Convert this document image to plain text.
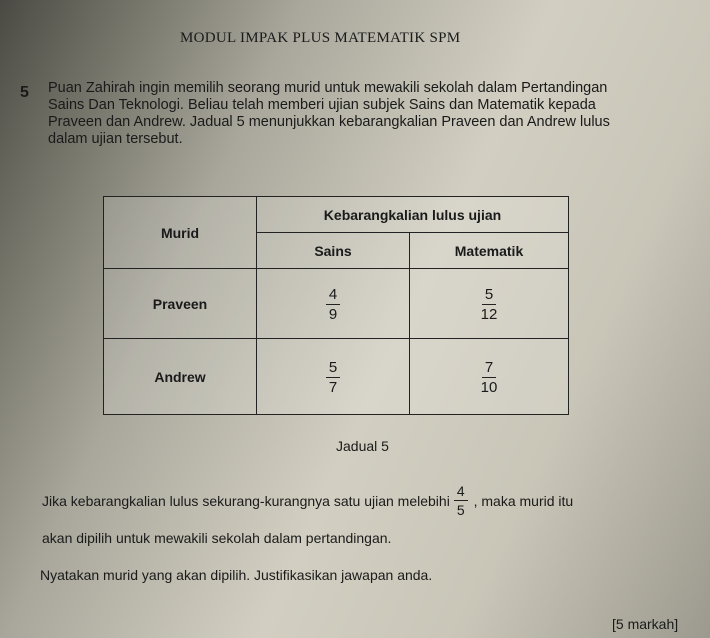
MODUL IMPAK PLUS MATEMATIK SPM
5 Puan Zahirah ingin memilih seorang murid untuk mewakili sekolah dalam Pertandingan
Sains Dan Teknologi. Beliau telah memberi ujian subjek Sains dan Matematik kepada
Praveen dan Andrew. Jadual 5 menunjukkan kebarangkalian Praveen dan Andrew lulus
dalam ujian tersebut.
Murid	Kebarangkalian lulus ujian	
	Sains	Matematik
Praveen	$\frac{4}{9}$	$\frac{5}{12}$

Andrew	$\frac{5}{7}$	$\frac{7}{10}$
Jadual 5
Jika kebarangkalian lulus sekurang-kurangnya satu ujian melebihi $\frac{4}{5}$ , maka murid itu
akan dipilih untuk mewakili sekolah dalam pertandingan.
Nyatakan murid yang akan dipilih. Justifikasikan jawapan anda.
[5 markah]
